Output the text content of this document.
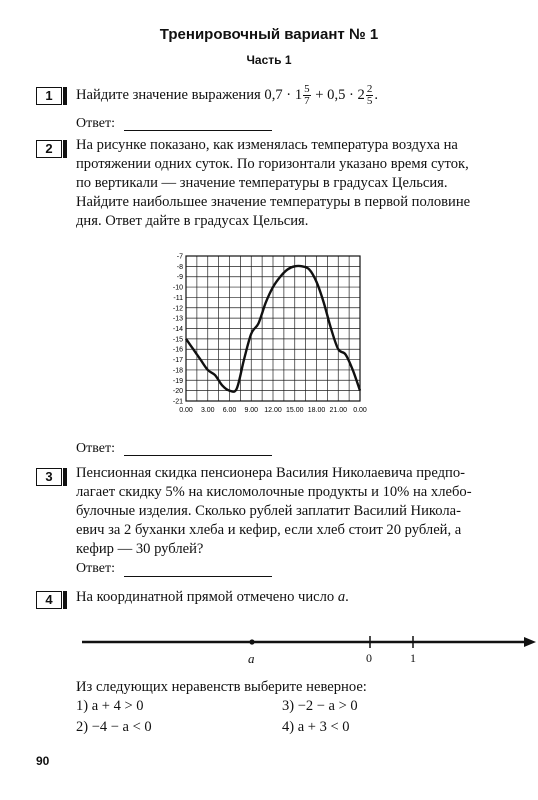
Тренировочный вариант № 1
Часть 1
1	Найдите значение выражения $0,7 \cdot 1 \frac{5}{7} + 0,5 \cdot 2 \frac{2}{5}$ .
Ответ:
2	На рисунке показано, как изменялась температура воздуха на
протяжении одних суток. По горизонтали указано время суток,
по вертикали — значение температуры в градусах Цельсия.
Найдите наибольшее значение температуры в первой половине
дня. Ответ дайте в градусах Цельсия.
-7
-8
-9
-10
-11
-12
-13
-14
-15
-16
-17
-18
-19
-20
-21
0.00 3.00 6.00 9.00 12.00 15.00 18.00 21.00 0.00
Ответ:
3	Пенсионная скидка пенсионера Василия Николаевича предпо-
лагает скидку 5% на кисломолочные продукты и 10% на хлебо-
булочные изделия. Сколько рублей заплатит Василий Никола-
евич за 2 буханки хлеба и кефир, если хлеб стоит 20 рублей, а
кефир — 30 рублей?
Ответ:
4	На координатной прямой отмечено число a.
a	0	1
Из следующих неравенств выберите неверное:
1) a + 4 > 0
2) −4 − a < 0
3) −2 − a > 0
4) a + 3 < 0
90
